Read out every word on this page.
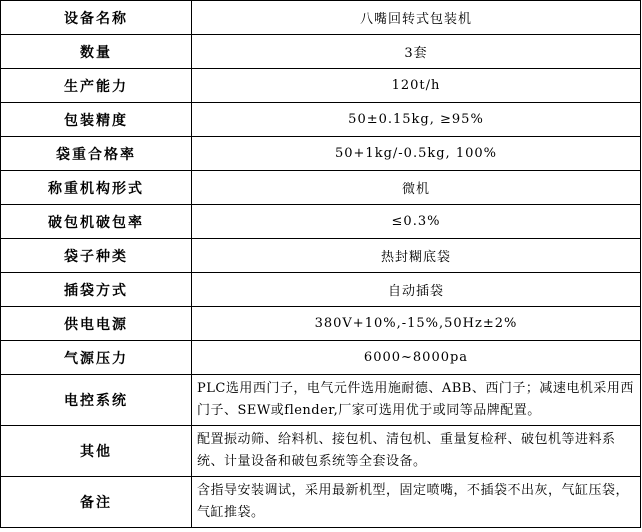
设备名称	八嘴回转式包装机
数量	3套
生产能力	120t/h
包装精度	50±0.15kg, ≥95%
袋重合格率	50+1kg/-0.5kg, 100%
称重机构形式	微机
破包机破包率	≤0.3%
袋子种类	热封糊底袋
插袋方式	自动插袋
供电电源	380V+10%,-15%,50Hz±2%
气源压力	6000~8000pa
电控系统	PLC选用西门子，电气元件选用施耐德、ABB、西门子；减速电机采用西门子、SEW或flender,厂家可选用优于或同等品牌配置。
其他	配置振动筛、给料机、接包机、清包机、重量复检秤、破包机等进料系统、计量设备和破包系统等全套设备。
备注	含指导安装调试，采用最新机型，固定喷嘴，不插袋不出灰，气缸压袋，气缸推袋。
